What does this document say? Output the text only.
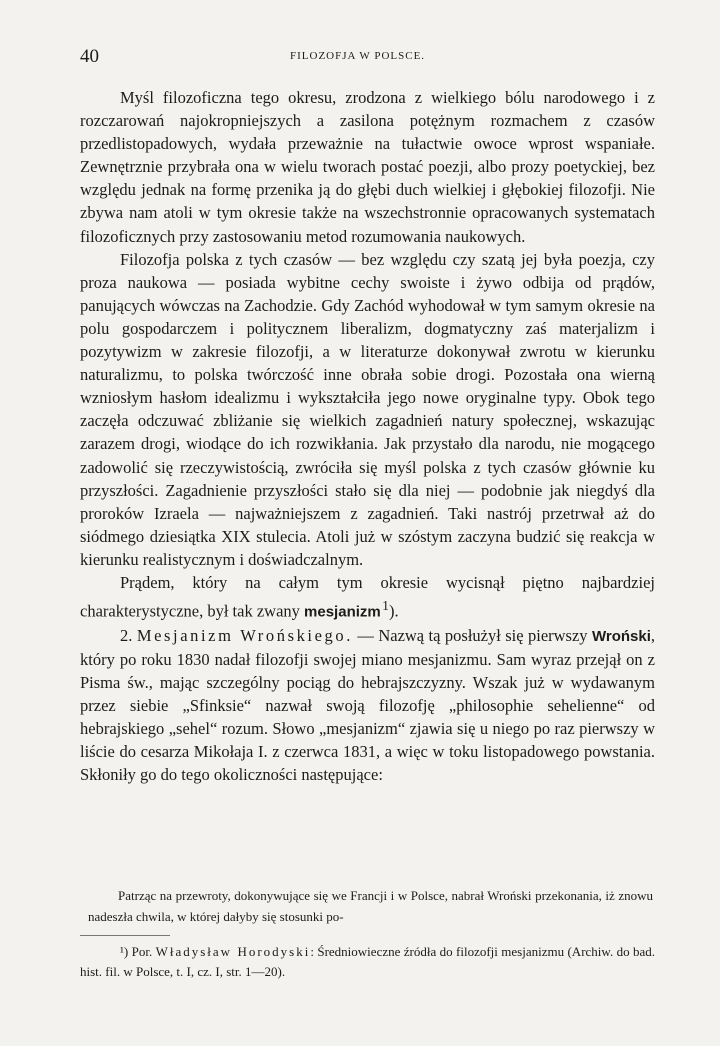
40	FILOZOFJA W POLSCE.

Myśl filozoficzna tego okresu, zrodzona z wielkiego bólu narodowego i z rozczarowań najokropniejszych a zasilona potężnym rozmachem z czasów przedlistopadowych, wydała przeważnie na tułactwie owoce wprost wspaniałe. Zewnętrznie przybrała ona w wielu tworach postać poezji, albo prozy poetyckiej, bez względu jednak na formę przenika ją do głębi duch wielkiej i głębokiej filozofji. Nie zbywa nam atoli w tym okresie także na wszechstronnie opracowanych systematach filozoficznych przy zastosowaniu metod rozumowania naukowych.

Filozofja polska z tych czasów — bez względu czy szatą jej była poezja, czy proza naukowa — posiada wybitne cechy swoiste i żywo odbija od prądów, panujących wówczas na Zachodzie. Gdy Zachód wyhodował w tym samym okresie na polu gospodarczem i politycznem liberalizm, dogmatyczny zaś materjalizm i pozytywizm w zakresie filozofji, a w literaturze dokonywał zwrotu w kierunku naturalizmu, to polska twórczość inne obrała sobie drogi. Pozostała ona wierną wzniosłym hasłom idealizmu i wykształciła jego nowe oryginalne typy. Obok tego zaczęła odczuwać zbliżanie się wielkich zagadnień natury społecznej, wskazując zarazem drogi, wiodące do ich rozwikłania. Jak przystało dla narodu, nie mogącego zadowolić się rzeczywistością, zwróciła się myśl polska z tych czasów głównie ku przyszłości. Zagadnienie przyszłości stało się dla niej — podobnie jak niegdyś dla proroków Izraela — najważniejszem z zagadnień. Taki nastrój przetrwał aż do siódmego dziesiątka XIX stulecia. Atoli już w szóstym zaczyna budzić się reakcja w kierunku realistycznym i doświadczalnym.

Prądem, który na całym tym okresie wycisnął piętno najbardziej charakterystyczne, był tak zwany mesjanizm $^1$).

2. Mesjanizm Wrońskiego. — Nazwą tą posłużył się pierwszy Wroński, który po roku 1830 nadał filozofji swojej miano mesjanizmu. Sam wyraz przejął on z Pisma św., mając szczególny pociąg do hebrajszczyzny. Wszak już w wydawanym przez siebie „Sfinksie“ nazwał swoją filozofję „philosophie sehelienne“ od hebrajskiego „sehel“ rozum. Słowo „mesjanizm“ zjawia się u niego po raz pierwszy w liście do cesarza Mikołaja I. z czerwca 1831, a więc w toku listopadowego powstania. Skłoniły go do tego okoliczności następujące:

Patrząc na przewroty, dokonywujące się we Francji i w Polsce, nabrał Wroński przekonania, iż znowu nadeszła chwila, w której dałyby się stosunki po-
¹) Por. Władysław Horodyski: Średniowieczne źródła do filozofji mesjanizmu (Archiw. do bad. hist. fil. w Polsce, t. I, cz. I, str. 1—20).
